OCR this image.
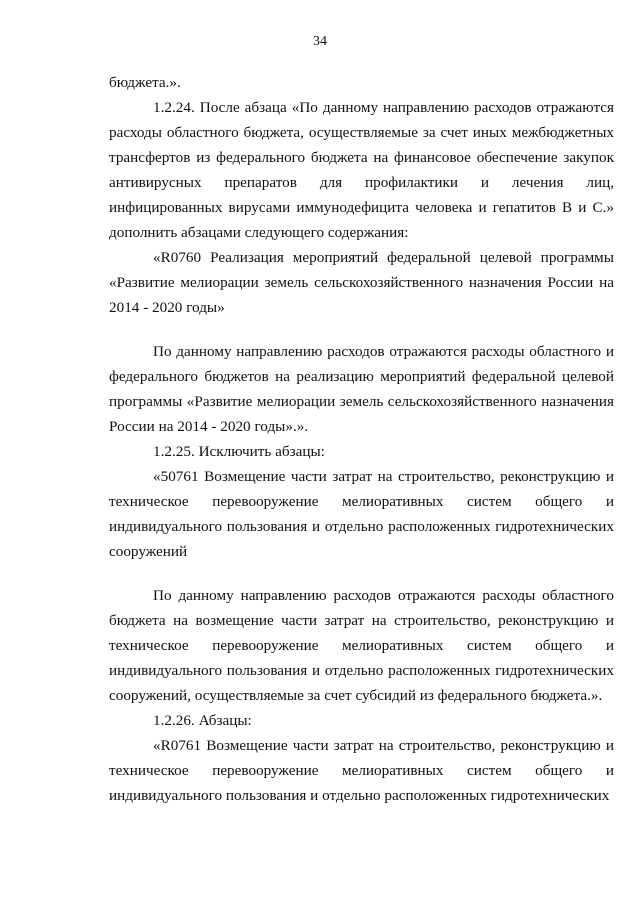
34

бюджета.».

1.2.24. После абзаца «По данному направлению расходов отражаются расходы областного бюджета, осуществляемые за счет иных межбюджетных трансфертов из федерального бюджета на финансовое обеспечение закупок антивирусных препаратов для профилактики и лечения лиц, инфицированных вирусами иммунодефицита человека и гепатитов В и С.» дополнить абзацами следующего содержания:

«R0760 Реализация мероприятий федеральной целевой программы «Развитие мелиорации земель сельскохозяйственного назначения России на 2014 - 2020 годы»

По данному направлению расходов отражаются расходы областного и федерального бюджетов на реализацию мероприятий федеральной целевой программы «Развитие мелиорации земель сельскохозяйственного назначения России на 2014 - 2020 годы».».

1.2.25. Исключить абзацы:

«50761 Возмещение части затрат на строительство, реконструкцию и техническое перевооружение мелиоративных систем общего и индивидуального пользования и отдельно расположенных гидротехнических сооружений

По данному направлению расходов отражаются расходы областного бюджета на возмещение части затрат на строительство, реконструкцию и техническое перевооружение мелиоративных систем общего и индивидуального пользования и отдельно расположенных гидротехнических сооружений, осуществляемые за счет субсидий из федерального бюджета.».

1.2.26. Абзацы:

«R0761 Возмещение части затрат на строительство, реконструкцию и техническое перевооружение мелиоративных систем общего и индивидуального пользования и отдельно расположенных гидротехнических
